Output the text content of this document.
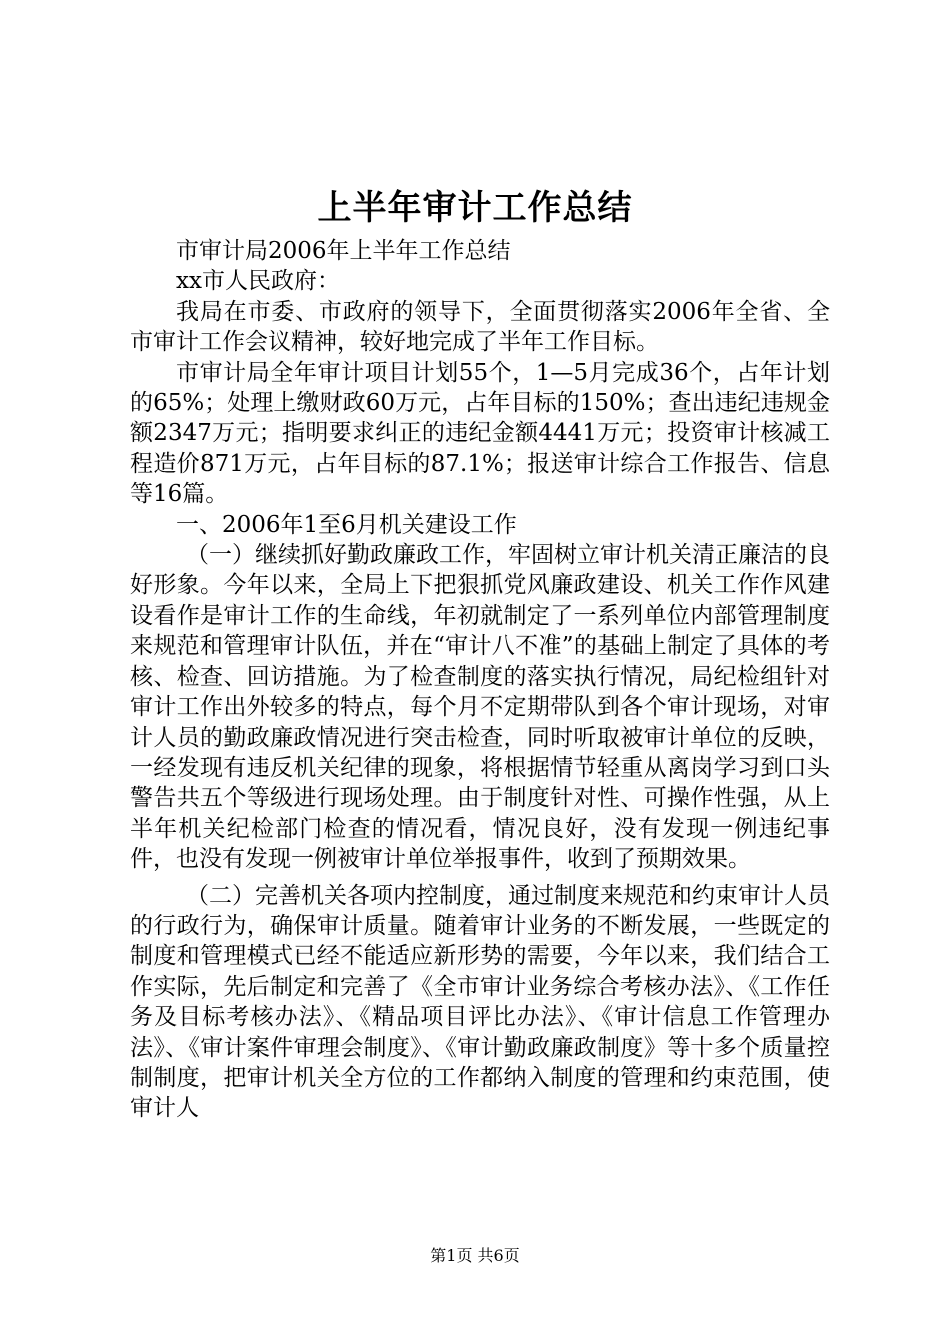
上半年审计工作总结

市审计局2006年上半年工作总结

xx市人民政府：

我局在市委、市政府的领导下，全面贯彻落实2006年全省、全市审计工作会议精神，较好地完成了半年工作目标。

市审计局全年审计项目计划55个，1—5月完成36个，占年计划的65%；处理上缴财政60万元，占年目标的150%；查出违纪违规金额2347万元；指明要求纠正的违纪金额4441万元；投资审计核减工程造价871万元，占年目标的87.1%；报送审计综合工作报告、信息等16篇。

一、2006年1至6月机关建设工作

（一）继续抓好勤政廉政工作，牢固树立审计机关清正廉洁的良好形象。今年以来，全局上下把狠抓党风廉政建设、机关工作作风建设看作是审计工作的生命线，年初就制定了一系列单位内部管理制度来规范和管理审计队伍，并在“审计八不准”的基础上制定了具体的考核、检查、回访措施。为了检查制度的落实执行情况，局纪检组针对审计工作出外较多的特点，每个月不定期带队到各个审计现场，对审计人员的勤政廉政情况进行突击检查，同时听取被审计单位的反映，一经发现有违反机关纪律的现象，将根据情节轻重从离岗学习到口头警告共五个等级进行现场处理。由于制度针对性、可操作性强，从上半年机关纪检部门检查的情况看，情况良好，没有发现一例违纪事件，也没有发现一例被审计单位举报事件，收到了预期效果。

（二）完善机关各项内控制度，通过制度来规范和约束审计人员的行政行为，确保审计质量。随着审计业务的不断发展，一些既定的制度和管理模式已经不能适应新形势的需要，今年以来，我们结合工作实际，先后制定和完善了《全市审计业务综合考核办法》、《工作任务及目标考核办法》、《精品项目评比办法》、《审计信息工作管理办法》、《审计案件审理会制度》、《审计勤政廉政制度》等十多个质量控制制度，把审计机关全方位的工作都纳入制度的管理和约束范围，使审计人

第1页 共6页
